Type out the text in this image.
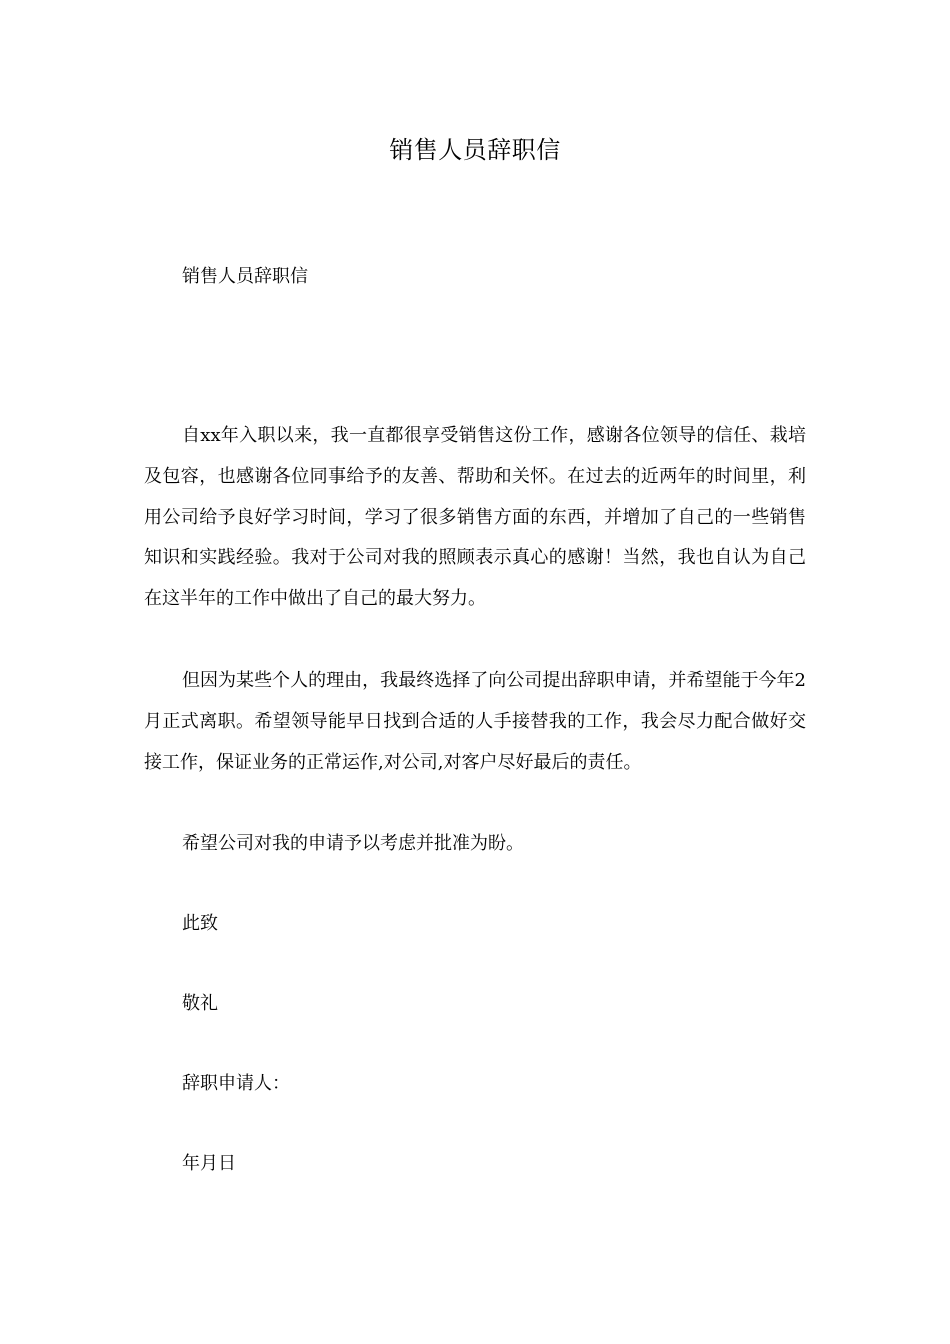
销售人员辞职信
销售人员辞职信

自xx年入职以来，我一直都很享受销售这份工作，感谢各位领导的信任、栽培及包容，也感谢各位同事给予的友善、帮助和关怀。在过去的近两年的时间里，利用公司给予良好学习时间，学习了很多销售方面的东西，并增加了自己的一些销售知识和实践经验。我对于公司对我的照顾表示真心的感谢！当然，我也自认为自己在这半年的工作中做出了自己的最大努力。

但因为某些个人的理由，我最终选择了向公司提出辞职申请，并希望能于今年2月正式离职。希望领导能早日找到合适的人手接替我的工作，我会尽力配合做好交接工作，保证业务的正常运作,对公司,对客户尽好最后的责任。

希望公司对我的申请予以考虑并批准为盼。

此致
敬礼
辞职申请人：
年月日
